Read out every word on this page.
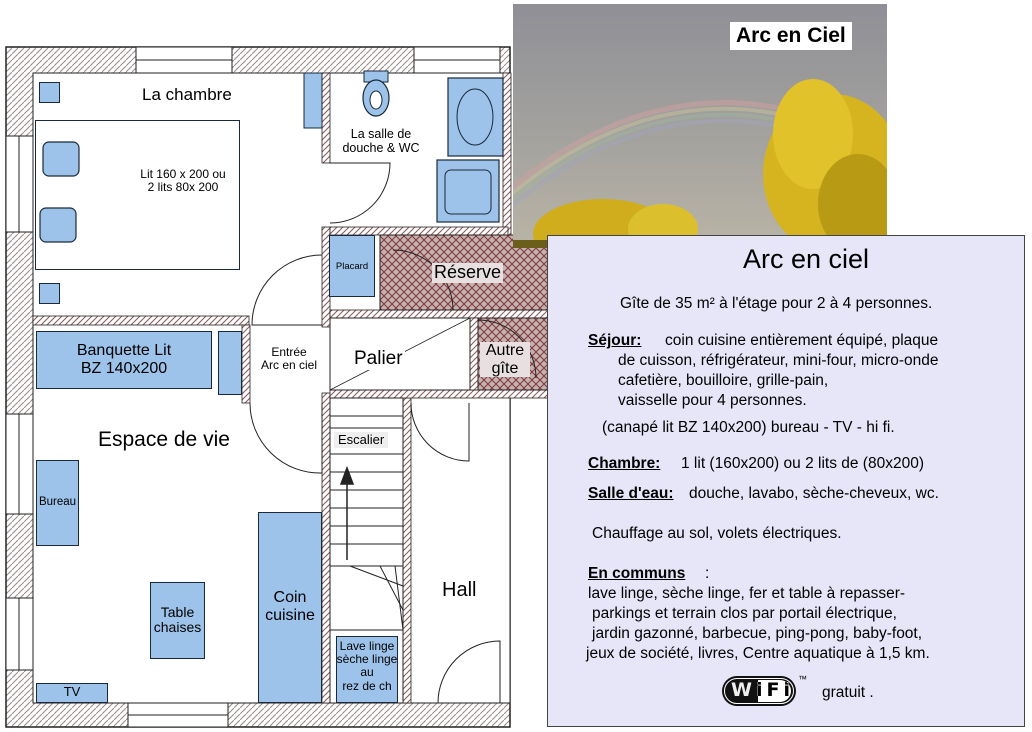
La chambre
Lit 160 x 200 ou
2 lits 80x 200
La salle de
douche & WC
Placard	Réserve
Banquette Lit
BZ 140x200
Entrée
Arc en ciel	Palier	Autre
gîte
Espace de vie	Escalier
Bureau
Table
chaises
Coin
cuisine
Lave linge
sèche linge
au
rez de ch
Hall
TV
Arc en Ciel
Arc en ciel
Gîte de 35 m² à l'étage pour 2 à 4 personnes.
Séjour: coin cuisine entièrement équipé, plaque
de cuisson, réfrigérateur, mini-four, micro-onde
cafetière, bouilloire, grille-pain,
vaisselle pour 4 personnes.
(canapé lit BZ 140x200) bureau - TV - hi fi.
Chambre: 1 lit (160x200) ou 2 lits de (80x200)
Salle d'eau: douche, lavabo, sèche-cheveux, wc.
Chauffage au sol, volets électriques.
En communs :
lave linge, sèche linge, fer et table à repasser-
parkings et terrain clos par portail électrique,
jardin gazonné, barbecue, ping-pong, baby-foot,
jeux de société, livres, Centre aquatique à 1,5 km.
gratuit .
WiFi ™
